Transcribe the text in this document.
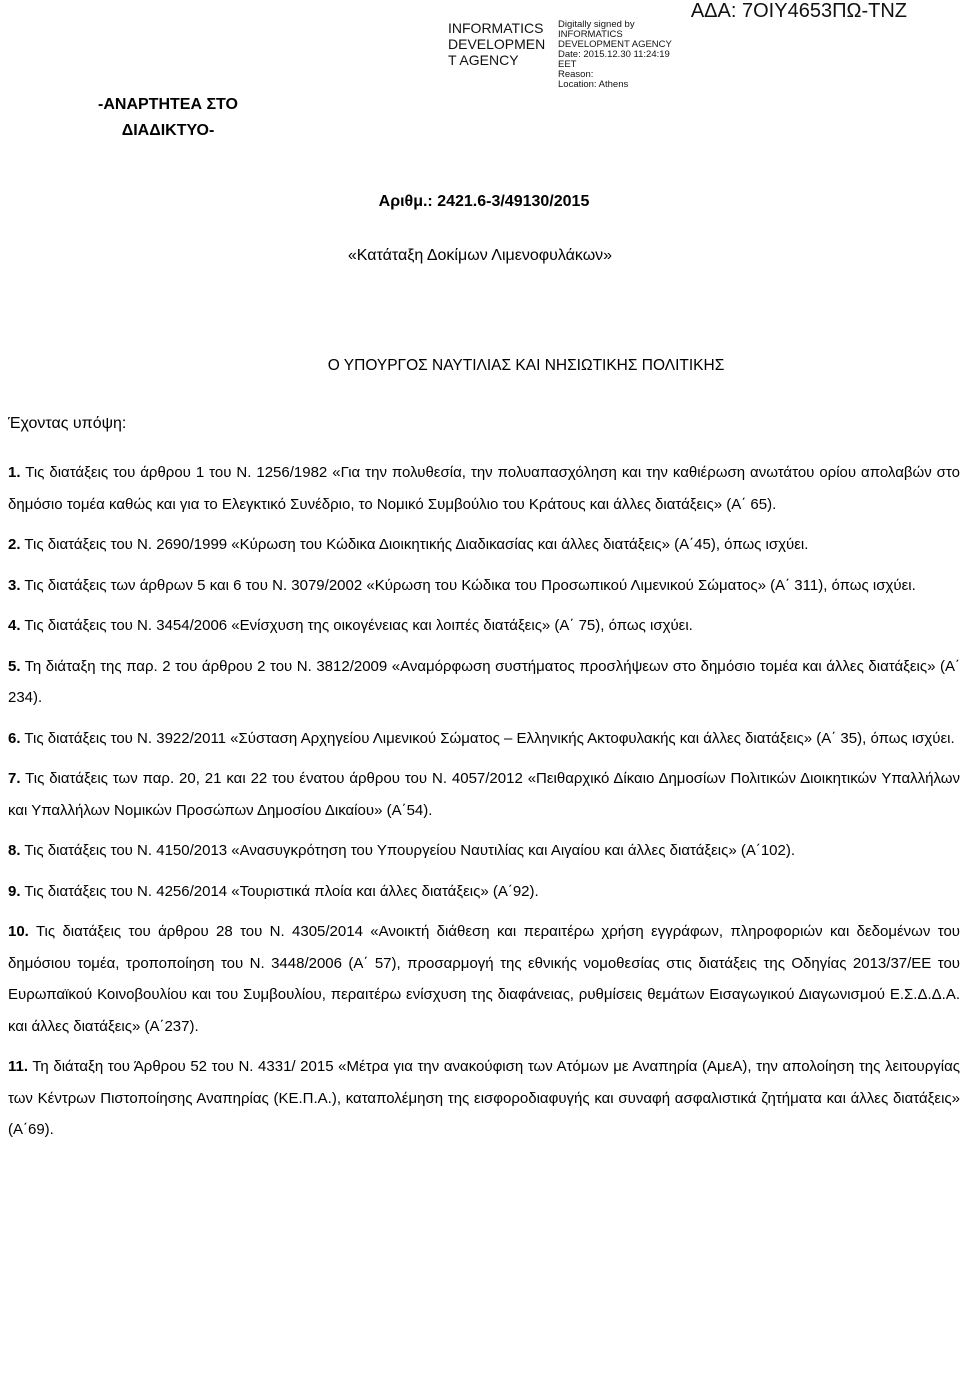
INFORMATICS DEVELOPMEN T AGENCY
Digitally signed by
INFORMATICS
DEVELOPMENT AGENCY
Date: 2015.12.30 11:24:19
EET
Reason:
Location: Athens
ΑΔΑ: 7ΟΙΥ4653ΠΩ-ΤΝΖ
-ΑΝΑΡΤΗΤΕΑ ΣΤΟ ΔΙΑΔΙΚΤΥΟ-
Αριθμ.: 2421.6-3/49130/2015
«Κατάταξη Δοκίμων Λιμενοφυλάκων»
Ο ΥΠΟΥΡΓΟΣ ΝΑΥΤΙΛΙΑΣ ΚΑΙ ΝΗΣΙΩΤΙΚΗΣ ΠΟΛΙΤΙΚΗΣ
Έχοντας υπόψη:
1. Τις διατάξεις του άρθρου 1 του Ν. 1256/1982 «Για την πολυθεσία, την πολυαπασχόληση και την καθιέρωση ανωτάτου ορίου απολαβών στο δημόσιο τομέα καθώς και για το Ελεγκτικό Συνέδριο, το Νομικό Συμβούλιο του Κράτους και άλλες διατάξεις» (Α΄ 65).
2. Τις διατάξεις του Ν. 2690/1999 «Κύρωση του Κώδικα Διοικητικής Διαδικασίας και άλλες διατάξεις» (Α΄45), όπως ισχύει.
3. Τις διατάξεις των άρθρων 5 και 6 του Ν. 3079/2002 «Κύρωση του Κώδικα του Προσωπικού Λιμενικού Σώματος» (Α΄ 311), όπως ισχύει.
4. Τις διατάξεις του Ν. 3454/2006 «Ενίσχυση της οικογένειας και λοιπές διατάξεις» (Α΄ 75), όπως ισχύει.
5. Τη διάταξη της παρ. 2 του άρθρου 2 του Ν. 3812/2009 «Αναμόρφωση συστήματος προσλήψεων στο δημόσιο τομέα και άλλες διατάξεις» (Α΄ 234).
6. Τις διατάξεις του Ν. 3922/2011 «Σύσταση Αρχηγείου Λιμενικού Σώματος – Ελληνικής Ακτοφυλακής και άλλες διατάξεις» (Α΄ 35), όπως ισχύει.
7. Τις διατάξεις των παρ. 20, 21 και 22 του ένατου άρθρου του Ν. 4057/2012 «Πειθαρχικό Δίκαιο Δημοσίων Πολιτικών Διοικητικών Υπαλλήλων και Υπαλλήλων Νομικών Προσώπων Δημοσίου Δικαίου» (Α΄54).
8. Τις διατάξεις του Ν. 4150/2013 «Ανασυγκρότηση του Υπουργείου Ναυτιλίας και Αιγαίου και άλλες διατάξεις» (Α΄102).
9. Τις διατάξεις του Ν. 4256/2014 «Τουριστικά πλοία και άλλες διατάξεις» (Α΄92).
10. Τις διατάξεις του άρθρου 28 του Ν. 4305/2014 «Ανοικτή διάθεση και περαιτέρω χρήση εγγράφων, πληροφοριών και δεδομένων του δημόσιου τομέα, τροποποίηση του Ν. 3448/2006 (Α΄ 57), προσαρμογή της εθνικής νομοθεσίας στις διατάξεις της Οδηγίας 2013/37/ΕΕ του Ευρωπαϊκού Κοινοβουλίου και του Συμβουλίου, περαιτέρω ενίσχυση της διαφάνειας, ρυθμίσεις θεμάτων Εισαγωγικού Διαγωνισμού Ε.Σ.Δ.Δ.Α. και άλλες διατάξεις» (Α΄237).
11. Τη διάταξη του Άρθρου 52 του Ν. 4331/ 2015 «Μέτρα για την ανακούφιση των Ατόμων με Αναπηρία (ΑμεΑ), την απολοίηση της λειτουργίας των Κέντρων Πιστοποίησης Αναπηρίας (ΚΕ.Π.Α.), καταπολέμηση της εισφοροδιαφυγής και συναφή ασφαλιστικά ζητήματα και άλλες διατάξεις» (Α΄69).
